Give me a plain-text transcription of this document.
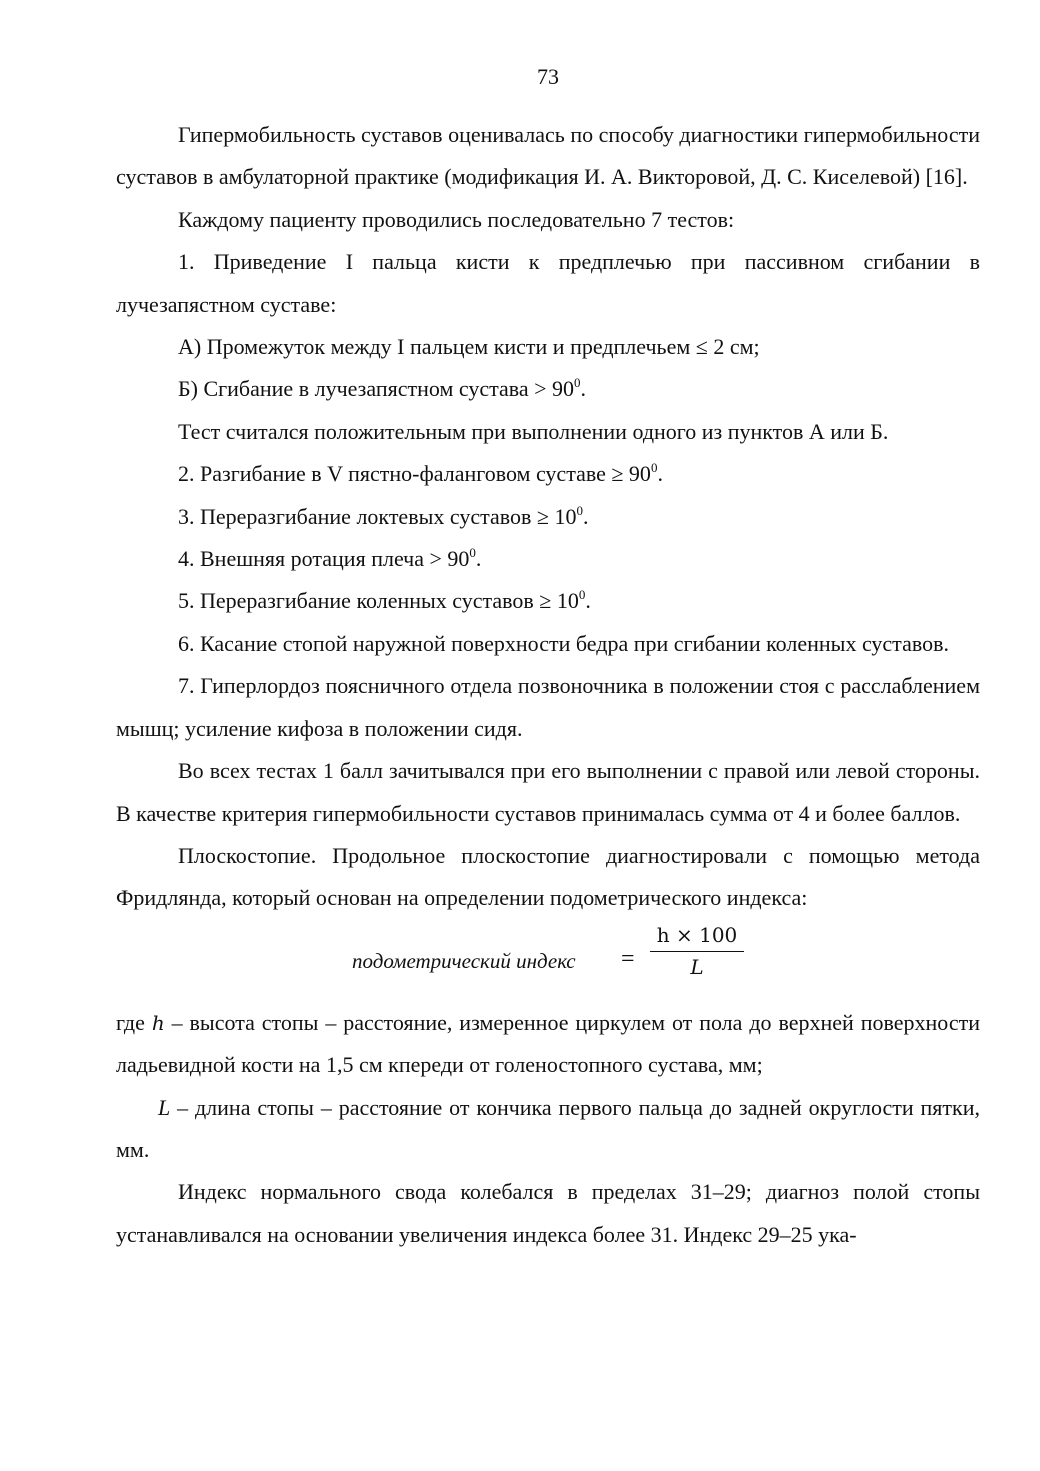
73

Гипермобильность суставов оценивалась по способу диагностики гипермобильности суставов в амбулаторной практике (модификация И. А. Викторовой, Д. С. Киселевой) [16].

Каждому пациенту проводились последовательно 7 тестов:

1. Приведение I пальца кисти к предплечью при пассивном сгибании в лучезапястном суставе:

А) Промежуток между I пальцем кисти и предплечьем ≤ 2 см;

Б) Сгибание в лучезапястном сустава > $90^0$.

Тест считался положительным при выполнении одного из пунктов А или Б.

2. Разгибание в V пястно-фаланговом суставе ≥ $90^0$.

3. Переразгибание локтевых суставов ≥ $10^0$.

4. Внешняя ротация плеча > $90^0$.

5. Переразгибание коленных суставов ≥ $10^0$.

6. Касание стопой наружной поверхности бедра при сгибании коленных суставов.

7. Гиперлордоз поясничного отдела позвоночника в положении стоя с расслаблением мышц; усиление кифоза в положении сидя.

Во всех тестах 1 балл зачитывался при его выполнении с правой или левой стороны. В качестве критерия гипермобильности суставов принималась сумма от 4 и более баллов.

Плоскостопие. Продольное плоскостопие диагностировали с помощью метода Фридлянда, который основан на определении подометрического индекса:

подометрический индекс = $\frac{h \times 100}{L}$

где h – высота стопы – расстояние, измеренное циркулем от пола до верхней поверхности ладьевидной кости на 1,5 см кпереди от голеностопного сустава, мм;

L – длина стопы – расстояние от кончика первого пальца до задней округлости пятки, мм.

Индекс нормального свода колебался в пределах 31–29; диагноз полой стопы устанавливался на основании увеличения индекса более 31. Индекс 29–25 ука-
